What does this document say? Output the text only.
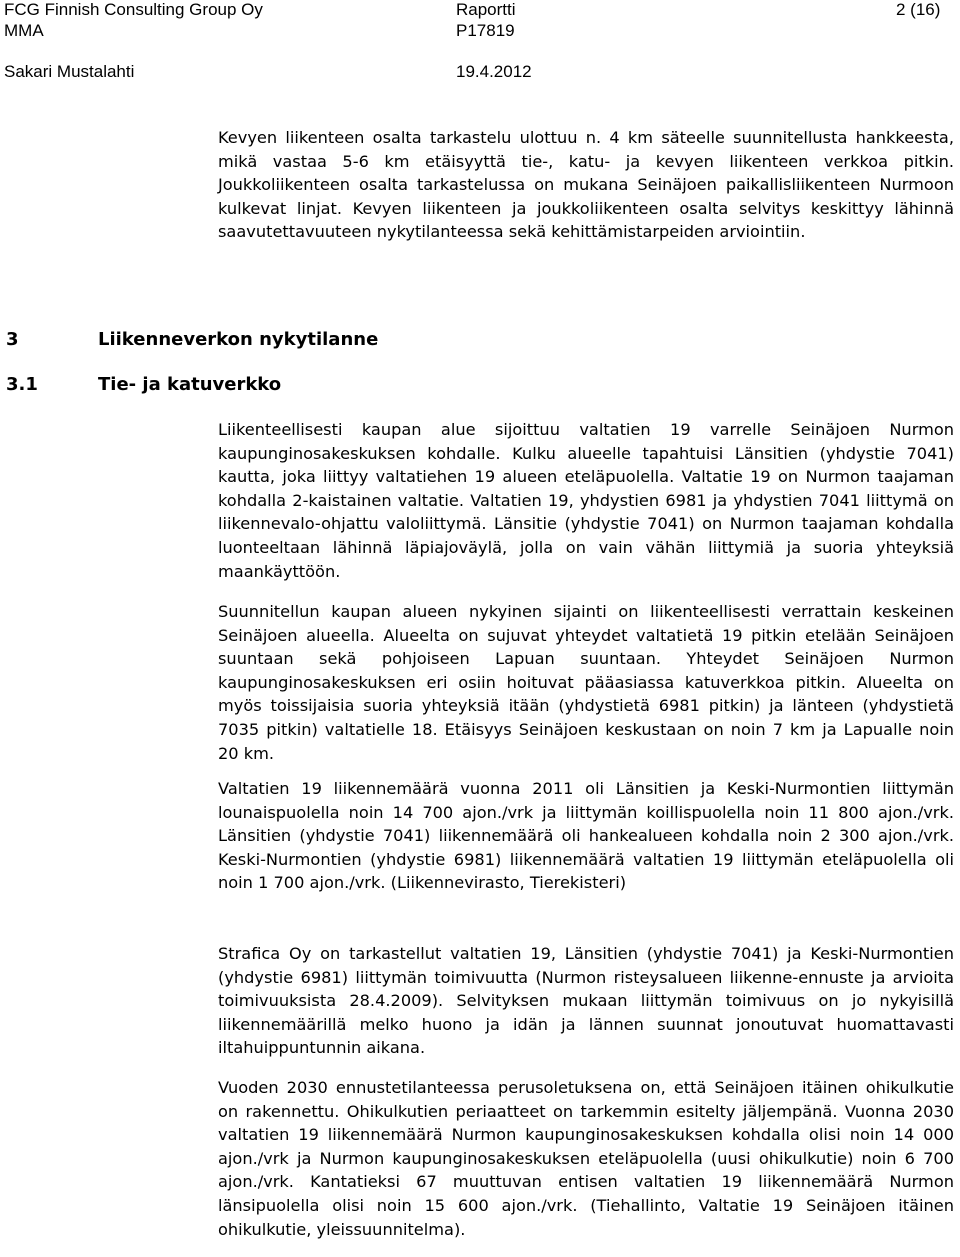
FCG Finnish Consulting Group Oy	Raportti	2 (16)
MMA	P17819
Sakari Mustalahti	19.4.2012

Kevyen liikenteen osalta tarkastelu ulottuu n. 4 km säteelle suunnitellusta hankkeesta, mikä vastaa 5-6 km etäisyyttä tie-, katu- ja kevyen liikenteen verkkoa pitkin. Joukkoliikenteen osalta tarkastelussa on mukana Seinäjoen paikallisliikenteen Nurmoon kulkevat linjat. Kevyen liikenteen ja joukkoliikenteen osalta selvitys keskittyy lähinnä saavutettavuuteen nykytilanteessa sekä kehittämistarpeiden arviointiin.

3	Liikenneverkon nykytilanne
3.1	Tie- ja katuverkko

Liikenteellisesti kaupan alue sijoittuu valtatien 19 varrelle Seinäjoen Nurmon kaupunginosakeskuksen kohdalle. Kulku alueelle tapahtuisi Länsitien (yhdystie 7041) kautta, joka liittyy valtatiehen 19 alueen eteläpuolella. Valtatie 19 on Nurmon taajaman kohdalla 2-kaistainen valtatie. Valtatien 19, yhdystien 6981 ja yhdystien 7041 liittymä on liikennevalo-ohjattu valoliittymä. Länsitie (yhdystie 7041) on Nurmon taajaman kohdalla luonteeltaan lähinnä läpiajoväylä, jolla on vain vähän liittymiä ja suoria yhteyksiä maankäyttöön.

Suunnitellun kaupan alueen nykyinen sijainti on liikenteellisesti verrattain keskeinen Seinäjoen alueella. Alueelta on sujuvat yhteydet valtatietä 19 pitkin etelään Seinäjoen suuntaan sekä pohjoiseen Lapuan suuntaan. Yhteydet Seinäjoen Nurmon kaupunginosakeskuksen eri osiin hoituvat pääasiassa katuverkkoa pitkin. Alueelta on myös toissijaisia suoria yhteyksiä itään (yhdystietä 6981 pitkin) ja länteen (yhdystietä 7035 pitkin) valtatielle 18. Etäisyys Seinäjoen keskustaan on noin 7 km ja Lapualle noin 20 km.

Valtatien 19 liikennemäärä vuonna 2011 oli Länsitien ja Keski-Nurmontien liittymän lounaispuolella noin 14 700 ajon./vrk ja liittymän koillispuolella noin 11 800 ajon./vrk. Länsitien (yhdystie 7041) liikennemäärä oli hankealueen kohdalla noin 2 300 ajon./vrk. Keski-Nurmontien (yhdystie 6981) liikennemäärä valtatien 19 liittymän eteläpuolella oli noin 1 700 ajon./vrk. (Liikennevirasto, Tierekisteri)

Strafica Oy on tarkastellut valtatien 19, Länsitien (yhdystie 7041) ja Keski-Nurmontien (yhdystie 6981) liittymän toimivuutta (Nurmon risteysalueen liikenne-ennuste ja arvioita toimivuuksista 28.4.2009). Selvityksen mukaan liittymän toimivuus on jo nykyisillä liikennemäärillä melko huono ja idän ja lännen suunnat jonoutuvat huomattavasti iltahuippuntunnin aikana.

Vuoden 2030 ennustetilanteessa perusoletuksena on, että Seinäjoen itäinen ohikulkutie on rakennettu. Ohikulkutien periaatteet on tarkemmin esitelty jäljempänä. Vuonna 2030 valtatien 19 liikennemäärä Nurmon kaupunginosakeskuksen kohdalla olisi noin 14 000 ajon./vrk ja Nurmon kaupunginosakeskuksen eteläpuolella (uusi ohikulkutie) noin 6 700 ajon./vrk. Kantatieksi 67 muuttuvan entisen valtatien 19 liikennemäärä Nurmon länsipuolella olisi noin 15 600 ajon./vrk. (Tiehallinto, Valtatie 19 Seinäjoen itäinen ohikulkutie, yleissuunnitelma).
